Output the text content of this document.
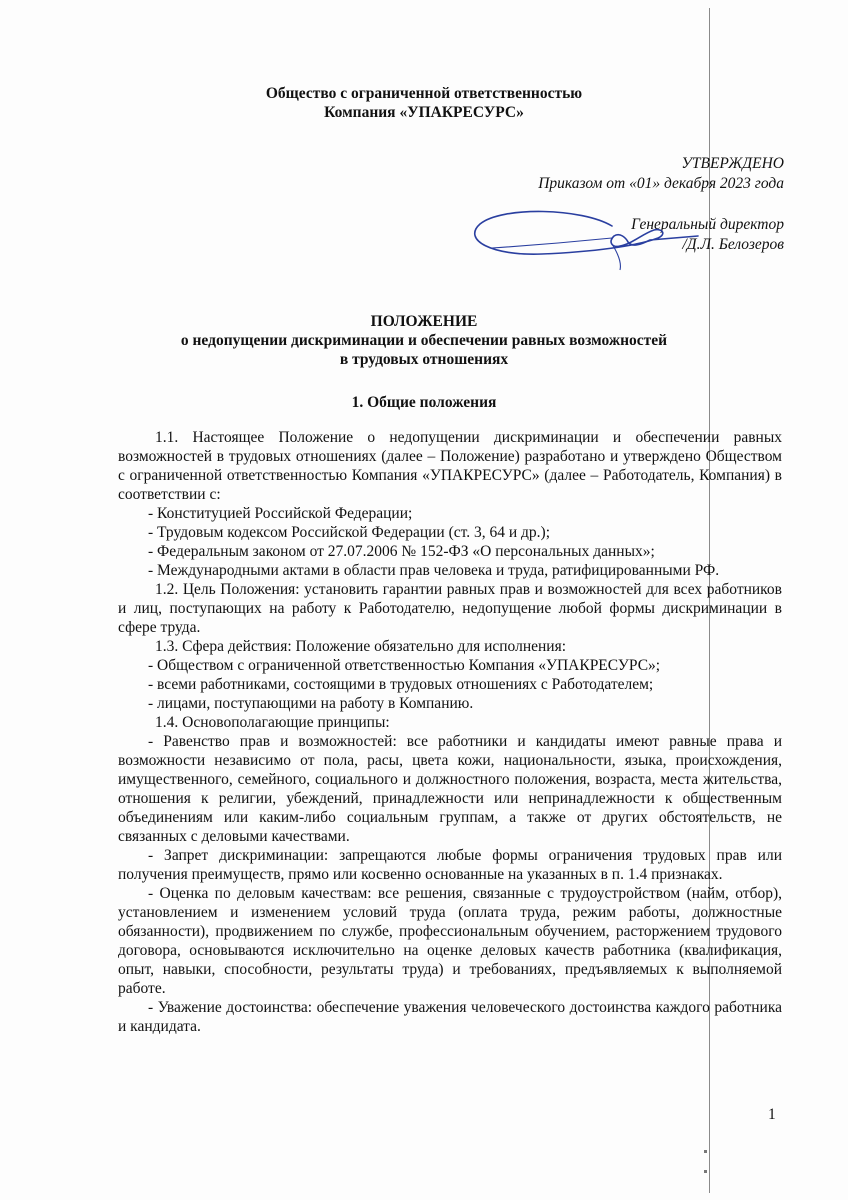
Общество с ограниченной ответственностью
Компания «УПАКРЕСУРС»
УТВЕРЖДЕНО
Приказом от «01» декабря 2023 года
Генеральный директор
/Д.Л. Белозеров
ПОЛОЖЕНИЕ
о недопущении дискриминации и обеспечении равных возможностей
в трудовых отношениях
1. Общие положения

1.1. Настоящее Положение о недопущении дискриминации и обеспечении равных возможностей в трудовых отношениях (далее – Положение) разработано и утверждено Обществом с ограниченной ответственностью Компания «УПАКРЕСУРС» (далее – Работодатель, Компания) в соответствии с:

- Конституцией Российской Федерации;

- Трудовым кодексом Российской Федерации (ст. 3, 64 и др.);

- Федеральным законом от 27.07.2006 № 152-ФЗ «О персональных данных»;

- Международными актами в области прав человека и труда, ратифицированными РФ.

1.2. Цель Положения: установить гарантии равных прав и возможностей для всех работников и лиц, поступающих на работу к Работодателю, недопущение любой формы дискриминации в сфере труда.

1.3. Сфера действия: Положение обязательно для исполнения:

- Обществом с ограниченной ответственностью Компания «УПАКРЕСУРС»;

- всеми работниками, состоящими в трудовых отношениях с Работодателем;

- лицами, поступающими на работу в Компанию.

1.4. Основополагающие принципы:

- Равенство прав и возможностей: все работники и кандидаты имеют равные права и возможности независимо от пола, расы, цвета кожи, национальности, языка, происхождения, имущественного, семейного, социального и должностного положения, возраста, места жительства, отношения к религии, убеждений, принадлежности или непринадлежности к общественным объединениям или каким-либо социальным группам, а также от других обстоятельств, не связанных с деловыми качествами.

- Запрет дискриминации: запрещаются любые формы ограничения трудовых прав или получения преимуществ, прямо или косвенно основанные на указанных в п. 1.4 признаках.

- Оценка по деловым качествам: все решения, связанные с трудоустройством (найм, отбор), установлением и изменением условий труда (оплата труда, режим работы, должностные обязанности), продвижением по службе, профессиональным обучением, расторжением трудового договора, основываются исключительно на оценке деловых качеств работника (квалификация, опыт, навыки, способности, результаты труда) и требованиях, предъявляемых к выполняемой работе.

- Уважение достоинства: обеспечение уважения человеческого достоинства каждого работника и кандидата.

1
